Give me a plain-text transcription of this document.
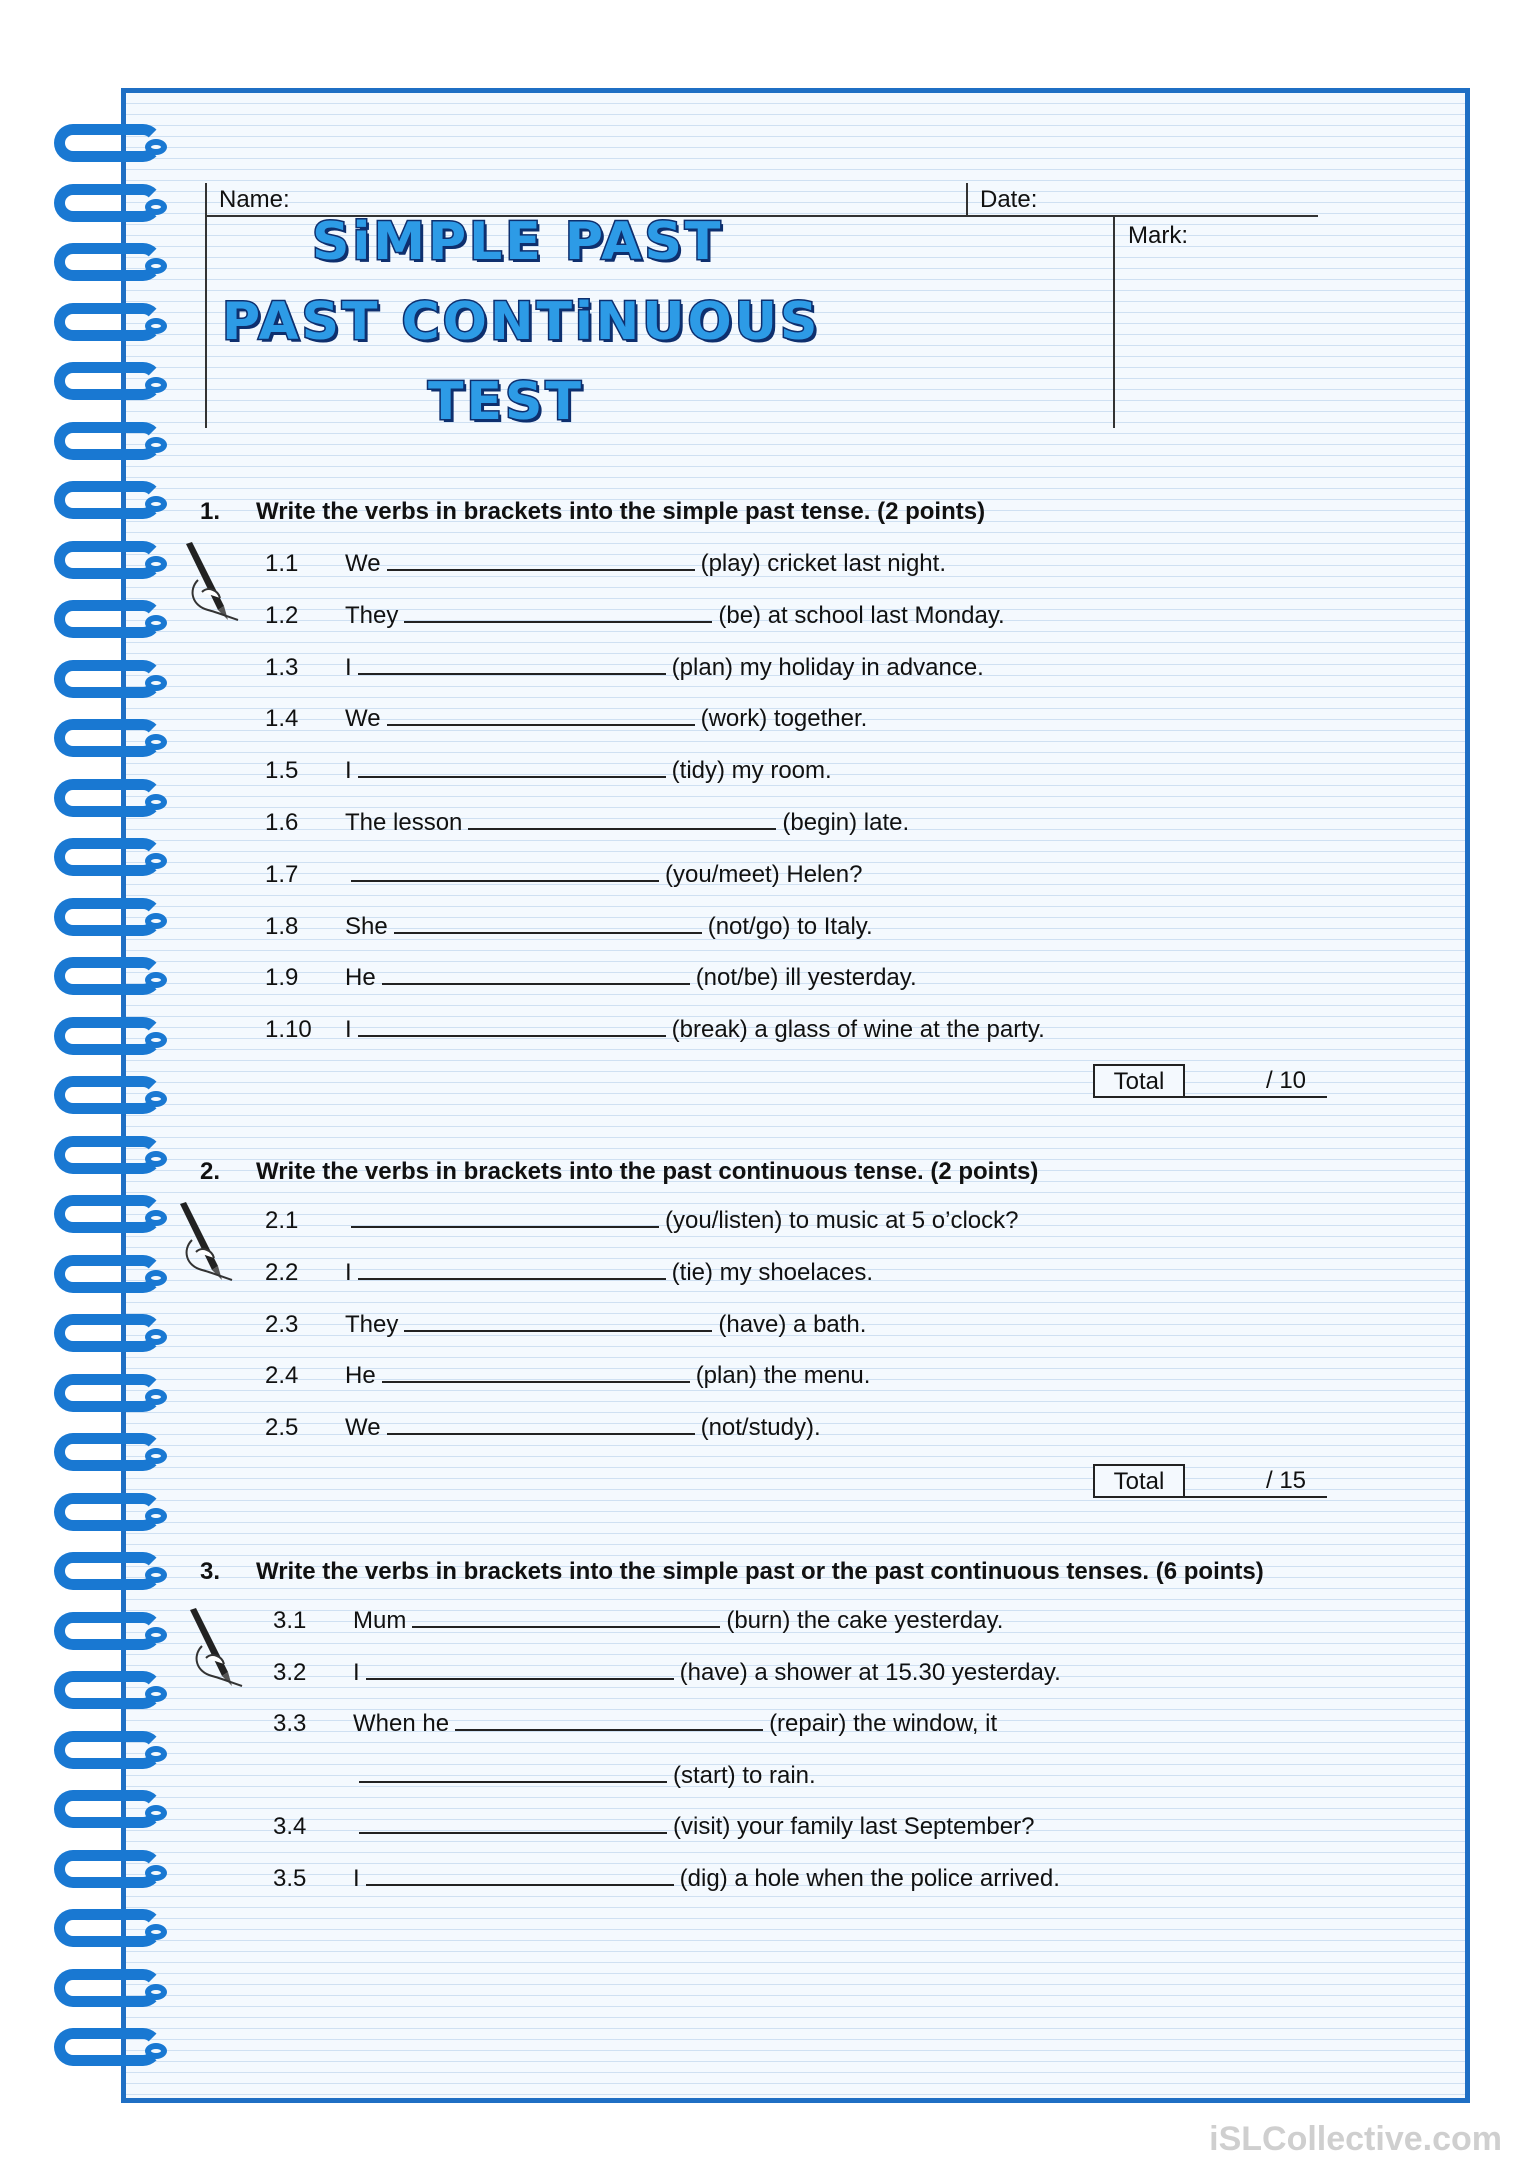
Name:	Date:
Mark:
SiMPLE PAST
PAST CONTiNUOUS
TEST
1. Write the verbs in brackets into the simple past tense. (2 points)
1.1 We	(play) cricket last night.
1.2 They	(be) at school last Monday.
1.3 I	(plan) my holiday in advance.
1.4 We	(work) together.
1.5 I	(tidy) my room.
1.6 The lesson	(begin) late.
1.7	(you/meet) Helen?
1.8 She	(not/go) to Italy.
1.9 He	(not/be) ill yesterday.
1.10 I	(break) a glass of wine at the party.
Total	/ 10
2. Write the verbs in brackets into the past continuous tense. (2 points)
2.1	(you/listen) to music at 5 o’clock?
2.2 I	(tie) my shoelaces.
2.3 They	(have) a bath.
2.4 He	(plan) the menu.
2.5 We	(not/study).
Total	/ 15
3. Write the verbs in brackets into the simple past or the past continuous tenses. (6 points)
3.1 Mum	(burn) the cake yesterday.
3.2 I	(have) a shower at 15.30 yesterday.
3.3 When he	(repair) the window, it
(start) to rain.
3.4	(visit) your family last September?
3.5 I	(dig) a hole when the police arrived.
iSLCollective.com
